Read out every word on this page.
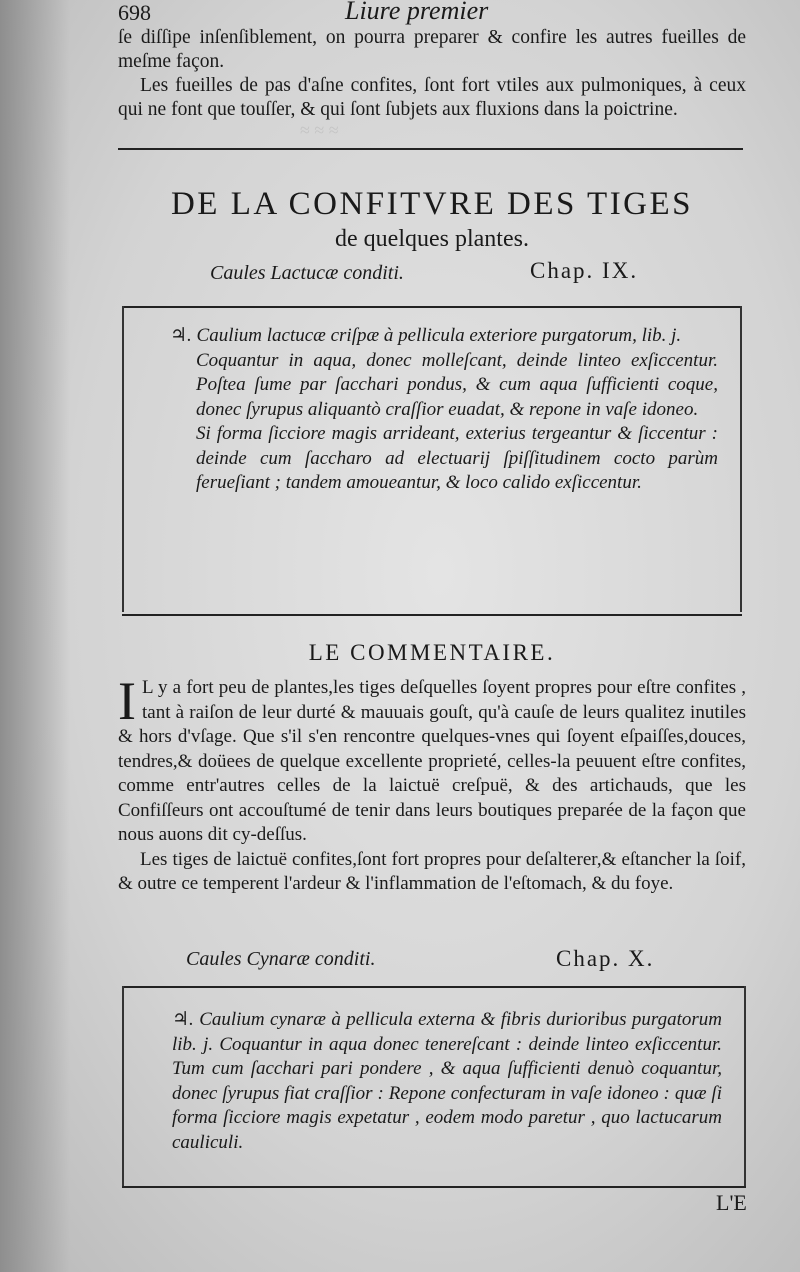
≈ ≈ ≈
698	Liure premier

ſe diſſipe inſenſiblement, on pourra preparer & confire les autres fueilles de meſme façon.

Les fueilles de pas d'aſne confites, ſont fort vtiles aux pulmoniques, à ceux qui ne font que touſſer, & qui ſont ſubjets aux fluxions dans la poictrine.

DE LA CONFITVRE DES TIGES
de quelques plantes.
Caules Lactucæ conditi.	Chap. IX.

♃. Caulium lactucæ criſpæ à pellicula exteriore purgatorum, lib. j.

Coquantur in aqua, donec molleſcant, deinde linteo exſiccentur. Poſtea ſume par ſacchari pondus, & cum aqua ſufficienti coque, donec ſyrupus aliquantò craſſior euadat, & repone in vaſe idoneo.

Si forma ſicciore magis arrideant, exterius tergeantur & ſiccentur : deinde cum ſaccharo ad electuarij ſpiſſitudinem cocto parùm ferueſiant ; tandem amoueantur, & loco calido exſiccentur.

LE COMMENTAIRE.

I L y a fort peu de plantes,les tiges deſquelles ſoyent propres pour eſtre confites , tant à raiſon de leur durté & mauuais gouſt, qu'à cauſe de leurs qualitez inutiles & hors d'vſage. Que s'il s'en rencontre quelques-vnes qui ſoyent eſpaiſſes,douces, tendres,& doüees de quelque excellente proprieté, celles-la peuuent eſtre confites, comme entr'autres celles de la laictuë creſpuë, & des artichauds, que les Confiſſeurs ont accouſtumé de tenir dans leurs boutiques preparée de la façon que nous auons dit cy-deſſus.

Les tiges de laictuë confites,ſont fort propres pour deſalterer,& eſtancher la ſoif, & outre ce temperent l'ardeur & l'inflammation de l'eſtomach, & du foye.

Caules Cynaræ conditi.	Chap. X.
♃. Caulium cynaræ à pellicula externa & fibris durioribus purgatorum lib. j. Coquantur in aqua donec tenereſcant : deinde linteo exſiccentur. Tum cum ſacchari pari pondere , & aqua ſufficienti denuò coquantur, donec ſyrupus fiat craſſior : Repone confecturam in vaſe idoneo : quæ ſi forma ſicciore magis expetatur , eodem modo paretur , quo lactucarum cauliculi.
L'E
